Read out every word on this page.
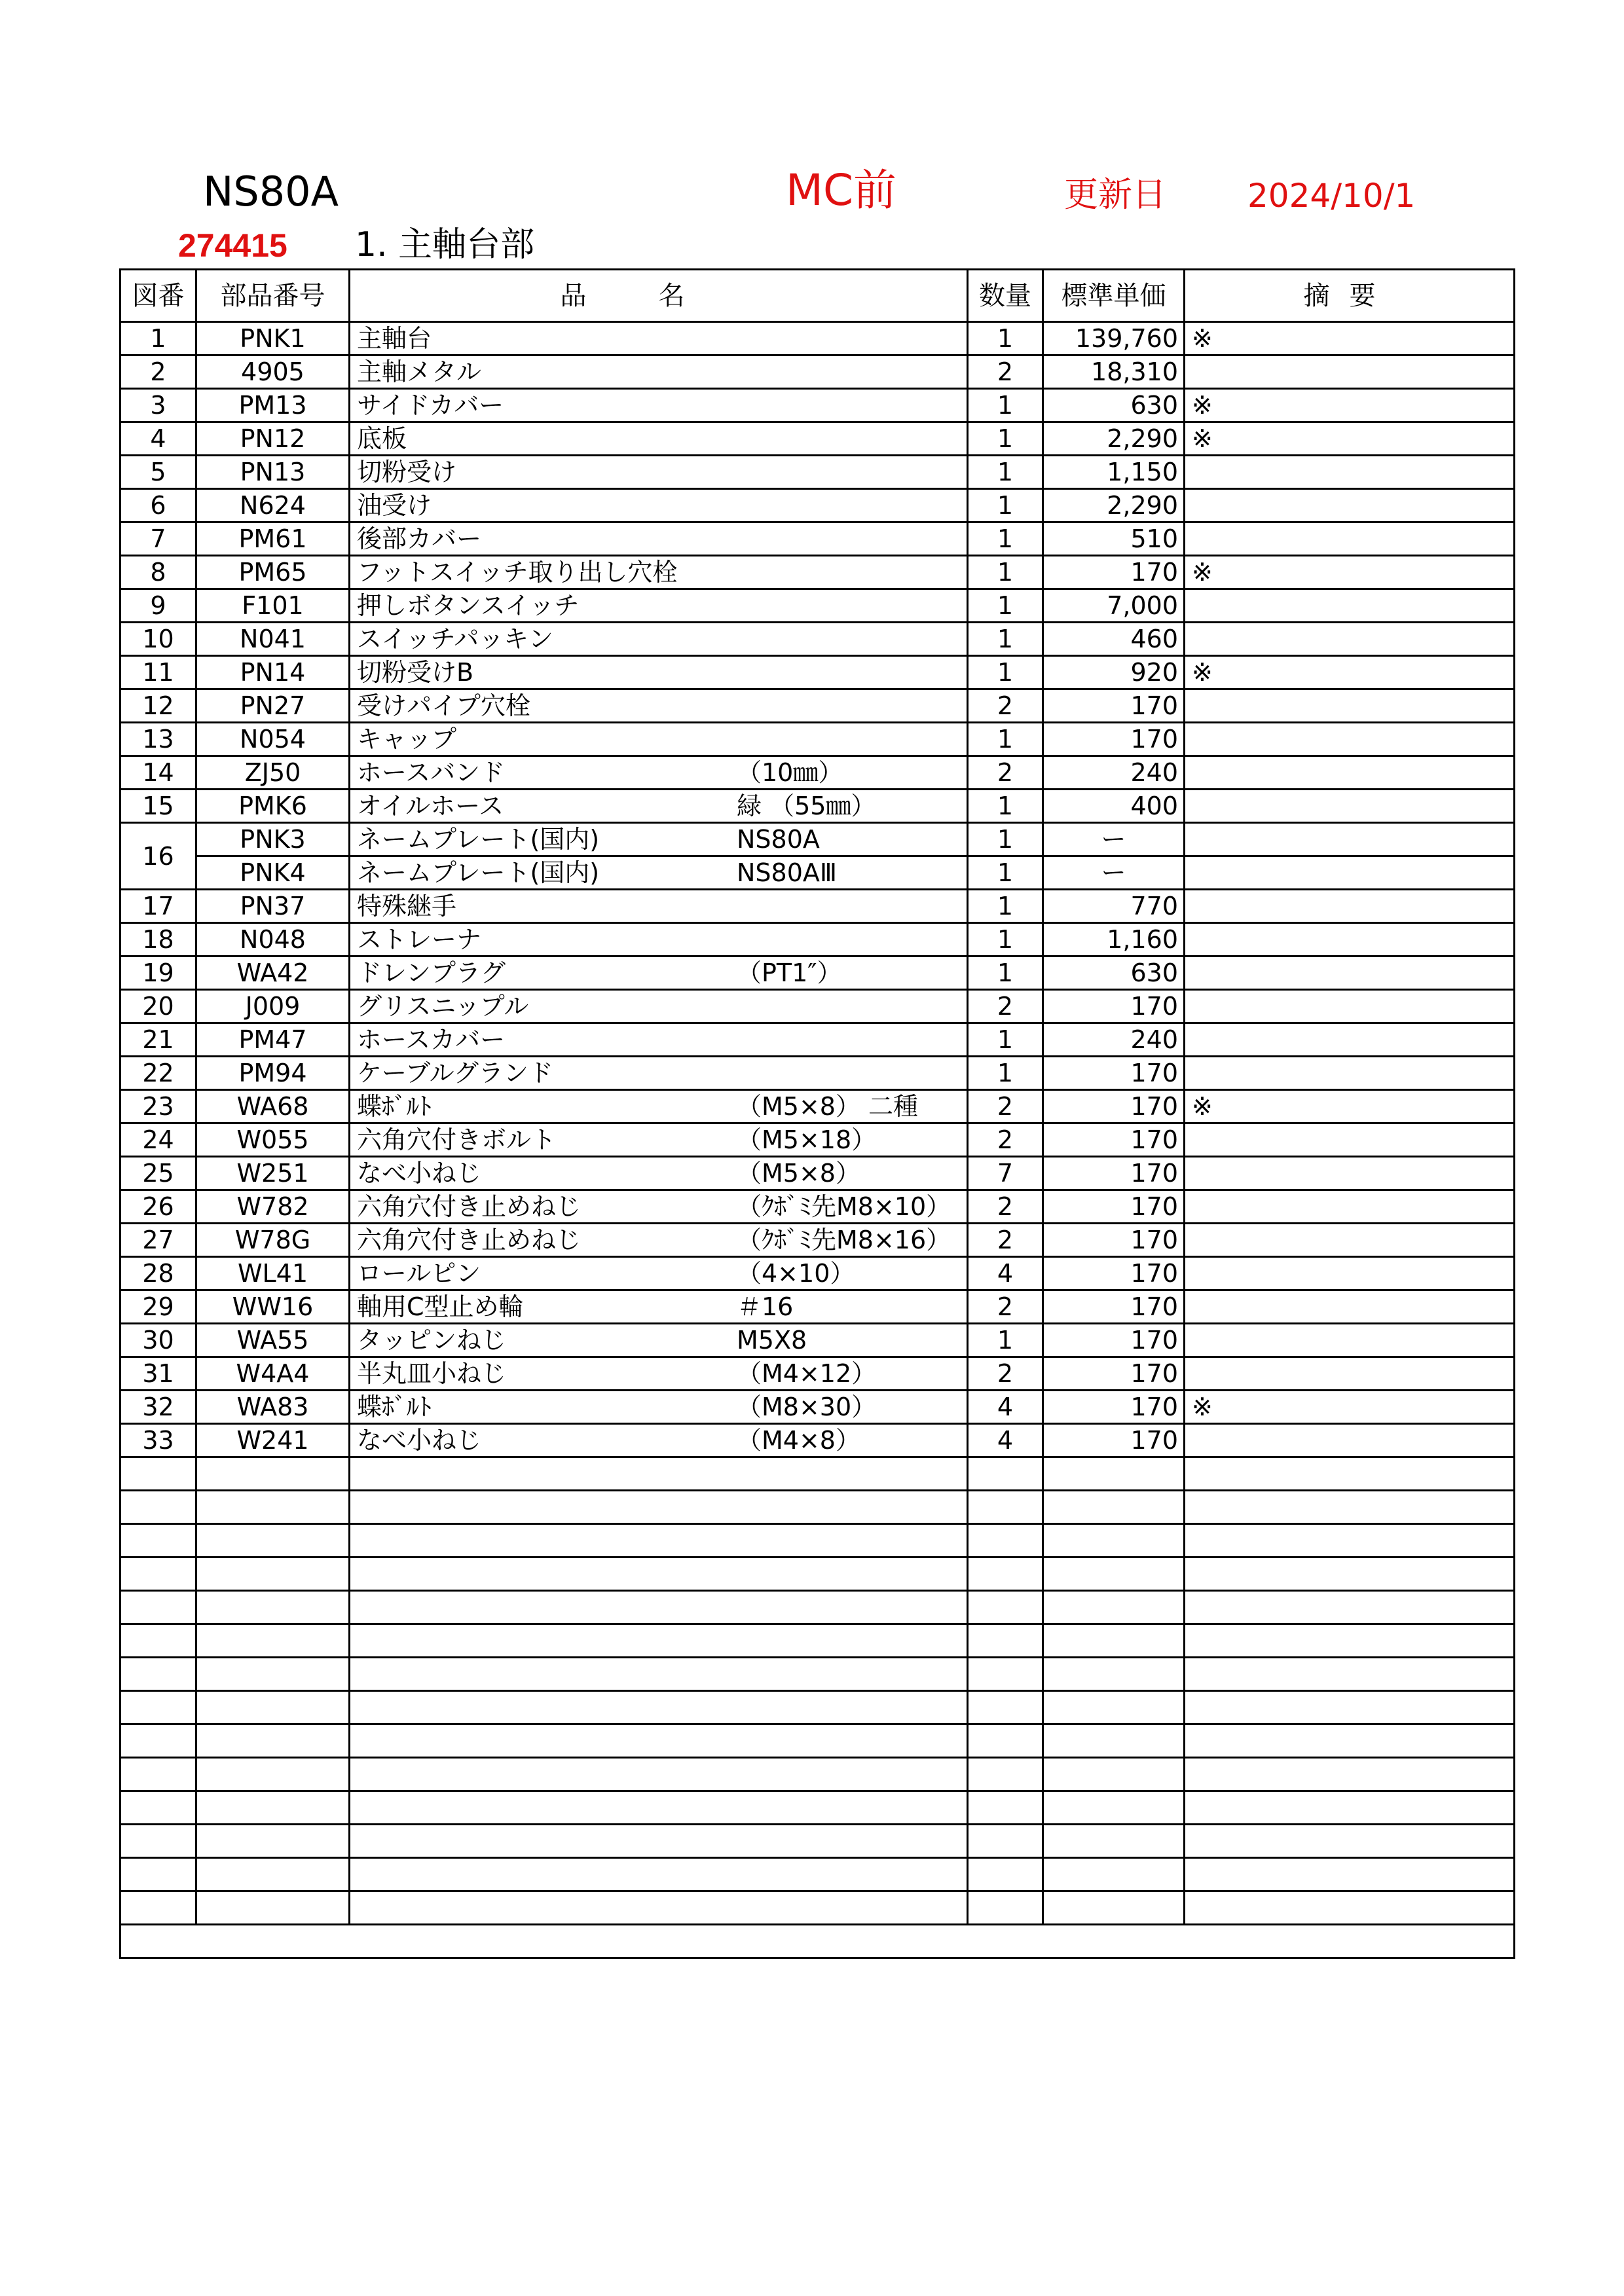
NS80A	MC前	更新日 2024/10/1
274415 1. 主軸台部
図番	部品番号	品名	数量	標準単価	摘要
1	PNK1	主軸台	1	139,760	※
2	4905	主軸メタル	2	18,310	
3	PM13	サイドカバー	1	630	※
4	PN12	底板	1	2,290	※
5	PN13	切粉受け	1	1,150	
6	N624	油受け	1	2,290	
7	PM61	後部カバー	1	510	
8	PM65	フットスイッチ取り出し穴栓	1	170	※
9	F101	押しボタンスイッチ	1	7,000	
10	N041	スイッチパッキン	1	460	
11	PN14	切粉受けB	1	920	※
12	PN27	受けパイプ穴栓	2	170	
13	N054	キャップ	1	170	
14	ZJ50	ホースバンド （10㎜）	2	240	
15	PMK6	オイルホース 緑 （55㎜）	1	400	
16	PNK3	ネームプレート(国内) NS80A	1	ー	
	PNK4	ネームプレート(国内) NS80AⅢ	1	ー	
17	PN37	特殊継手	1	770	
18	N048	ストレーナ	1	1,160	
19	WA42	ドレンプラグ （PT1″）	1	630	
20	J009	グリスニップル	2	170	
21	PM47	ホースカバー	1	240	
22	PM94	ケーブルグランド	1	170	
23	WA68	蝶ﾎﾞﾙﾄ （M5×8） 二種	2	170	※
24	W055	六角穴付きボルト （M5×18）	2	170	
25	W251	なべ小ねじ （M5×8）	7	170	
26	W782	六角穴付き止めねじ （ｸﾎﾞﾐ先M8×10）	2	170	
27	W78G	六角穴付き止めねじ （ｸﾎﾞﾐ先M8×16）	2	170	
28	WL41	ロールピン （4×10）	4	170	
29	WW16	軸用C型止め輪 ＃16	2	170	
30	WA55	タッピンねじ M5X8	1	170	
31	W4A4	半丸皿小ねじ （M4×12）	2	170	
32	WA83	蝶ﾎﾞﾙﾄ （M8×30）	4	170	※
33	W241	なべ小ねじ （M4×8）	4	170	
